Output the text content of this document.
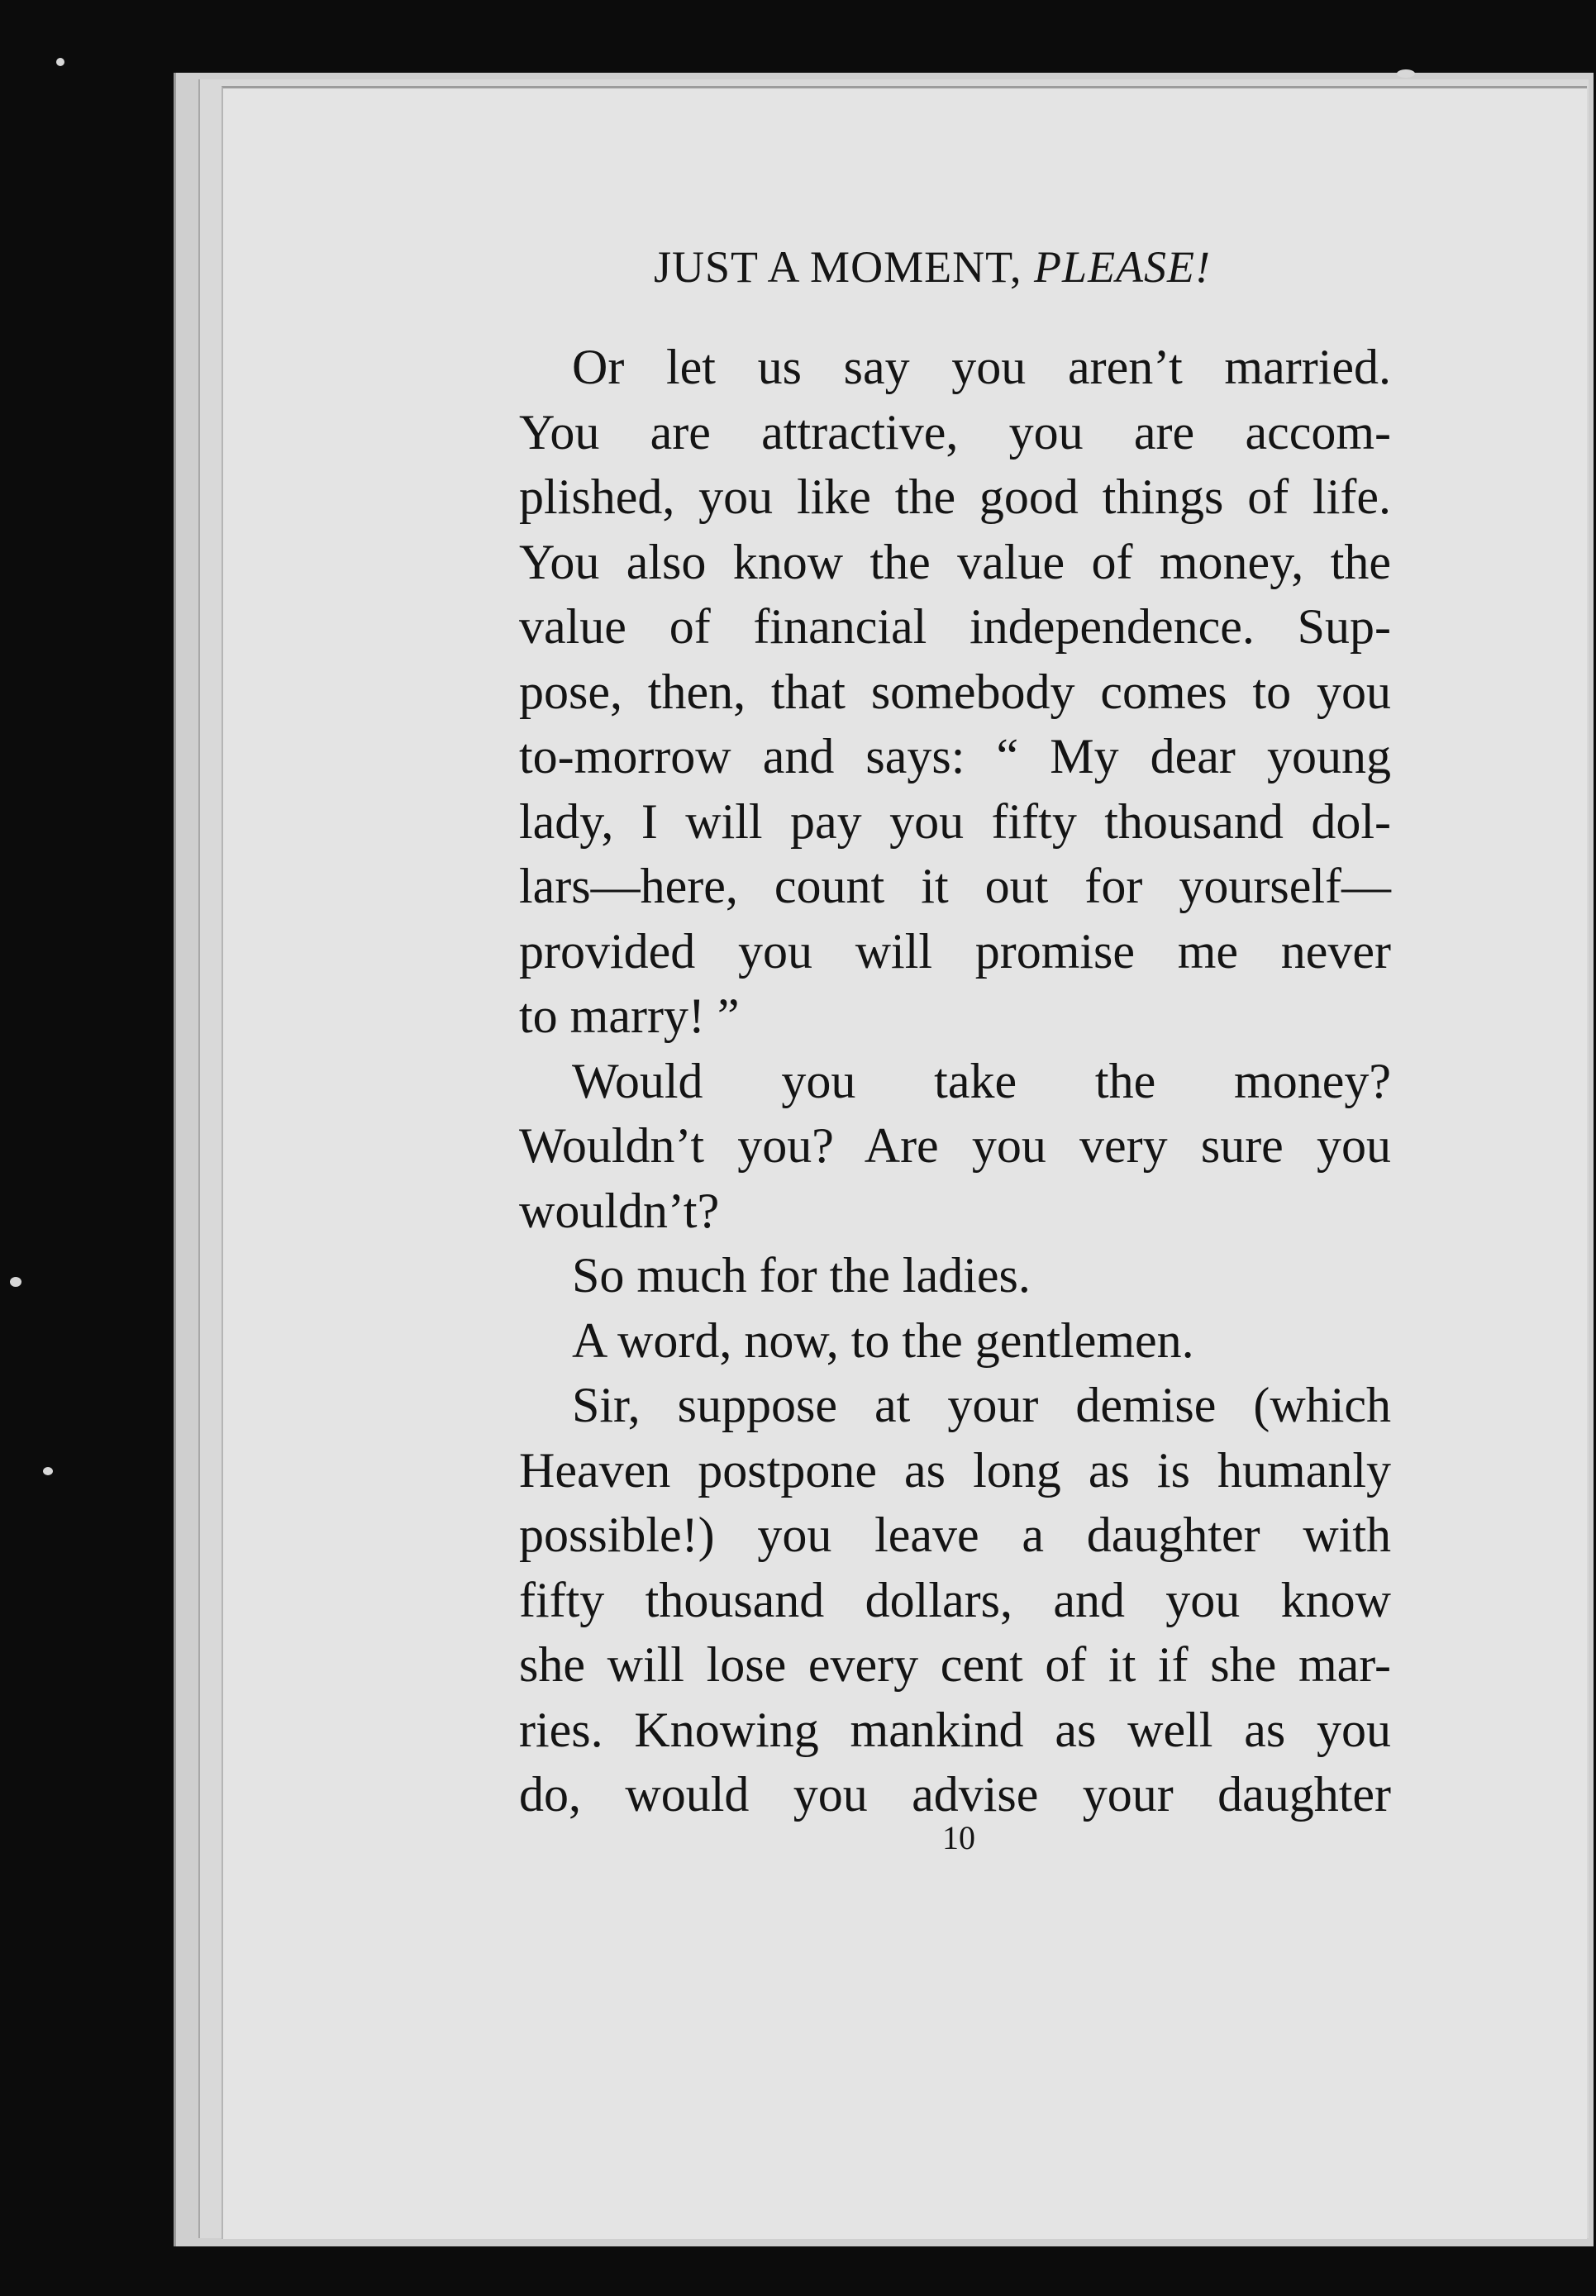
JUST A MOMENT, PLEASE!
Or let us say you aren’t married.
You are attractive, you are accom-
plished, you like the good things of life.
You also know the value of money, the
value of financial independence. Sup-
pose, then, that somebody comes to you
to-morrow and says: “ My dear young
lady, I will pay you fifty thousand dol-
lars—here, count it out for yourself—
provided you will promise me never
to marry! ”
Would you take the money?
Wouldn’t you? Are you very sure you
wouldn’t?
So much for the ladies.
A word, now, to the gentlemen.
Sir, suppose at your demise (which
Heaven postpone as long as is humanly
possible!) you leave a daughter with
fifty thousand dollars, and you know
she will lose every cent of it if she mar-
ries. Knowing mankind as well as you
do, would you advise your daughter
10
